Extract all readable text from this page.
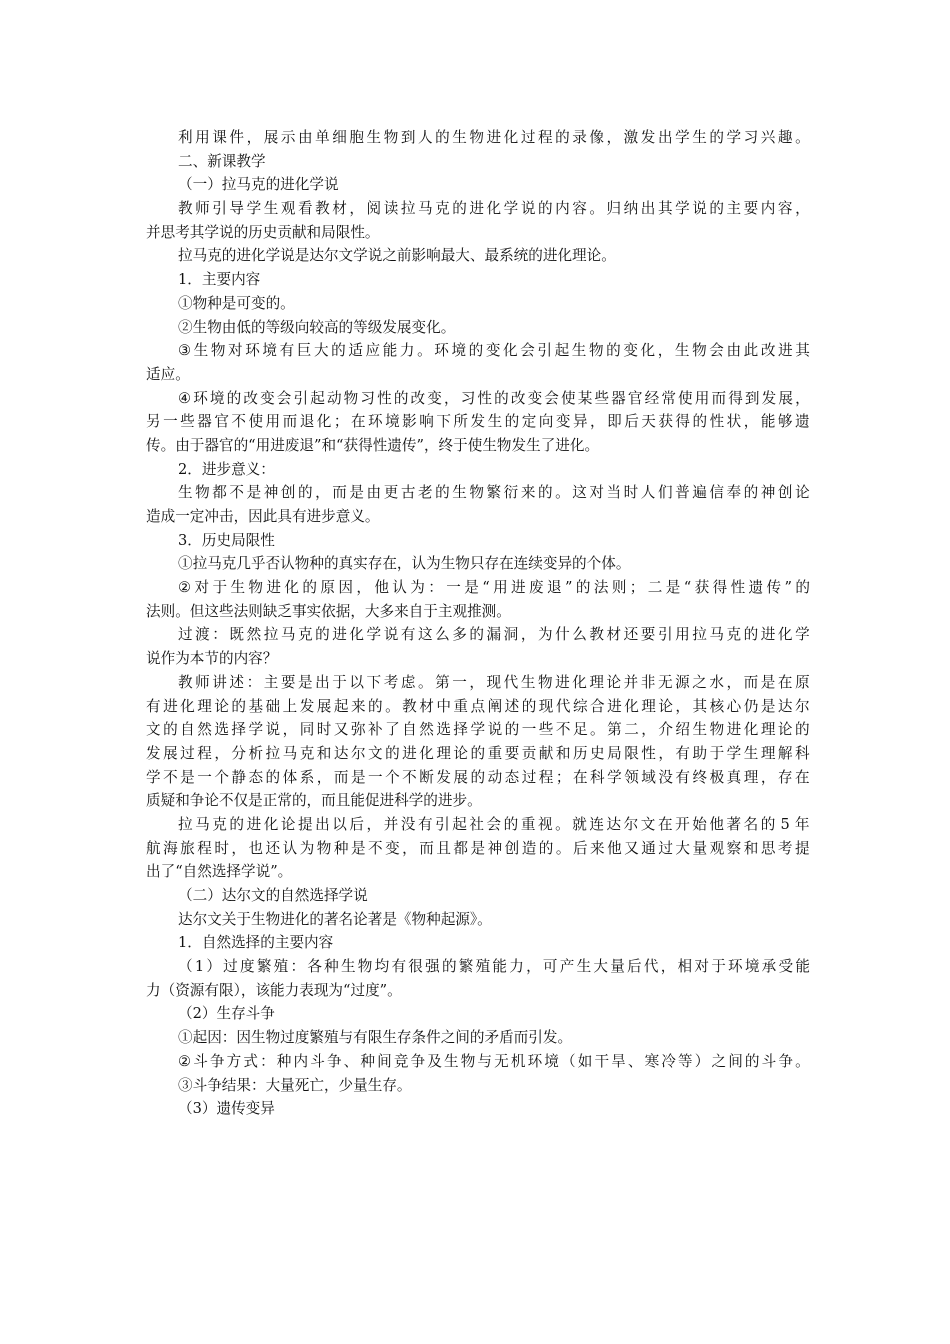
利 用 课 件 ， 展 示 由 单 细 胞 生 物 到 人 的 生 物 进 化 过 程 的 录 像 ， 激 发 出 学 生 的 学 习 兴 趣 。
二、新课教学
（一）拉马克的进化学说
教 师 引 导 学 生 观 看 教 材 ， 阅 读 拉 马 克 的 进 化 学 说 的 内 容 。 归 纳 出 其 学 说 的 主 要 内 容 ，
并思考其学说的历史贡献和局限性。
拉马克的进化学说是达尔文学说之前影响最大、最系统的进化理论。
1．主要内容
①物种是可变的。
②生物由低的等级向较高的等级发展变化。
③ 生 物 对 环 境 有 巨 大 的 适 应 能 力 。 环 境 的 变 化 会 引 起 生 物 的 变 化 ， 生 物 会 由 此 改 进 其
适应。
④ 环 境 的 改 变 会 引 起 动 物 习 性 的 改 变 ， 习 性 的 改 变 会 使 某 些 器 官 经 常 使 用 而 得 到 发 展 ，
另 一 些 器 官 不 使 用 而 退 化 ； 在 环 境 影 响 下 所 发 生 的 定 向 变 异 ， 即 后 天 获 得 的 性 状 ， 能 够 遗
传。由于器官的“用进废退”和“获得性遗传”，终于使生物发生了进化。
2．进步意义：
生 物 都 不 是 神 创 的 ， 而 是 由 更 古 老 的 生 物 繁 衍 来 的 。 这 对 当 时 人 们 普 遍 信 奉 的 神 创 论
造成一定冲击，因此具有进步意义。
3．历史局限性
①拉马克几乎否认物种的真实存在，认为生物只存在连续变异的个体。
② 对 于 生 物 进 化 的 原 因 ， 他 认 为 ： 一 是 “ 用 进 废 退 ” 的 法 则 ； 二 是 “ 获 得 性 遗 传 ” 的
法则。但这些法则缺乏事实依据，大多来自于主观推测。
过 渡 ： 既 然 拉 马 克 的 进 化 学 说 有 这 么 多 的 漏 洞 ， 为 什 么 教 材 还 要 引 用 拉 马 克 的 进 化 学
说作为本节的内容？
教 师 讲 述 ： 主 要 是 出 于 以 下 考 虑 。 第 一 ， 现 代 生 物 进 化 理 论 并 非 无 源 之 水 ， 而 是 在 原
有 进 化 理 论 的 基 础 上 发 展 起 来 的 。 教 材 中 重 点 阐 述 的 现 代 综 合 进 化 理 论 ， 其 核 心 仍 是 达 尔
文 的 自 然 选 择 学 说 ， 同 时 又 弥 补 了 自 然 选 择 学 说 的 一 些 不 足 。 第 二 ， 介 绍 生 物 进 化 理 论 的
发 展 过 程 ， 分 析 拉 马 克 和 达 尔 文 的 进 化 理 论 的 重 要 贡 献 和 历 史 局 限 性 ， 有 助 于 学 生 理 解 科
学 不 是 一 个 静 态 的 体 系 ， 而 是 一 个 不 断 发 展 的 动 态 过 程 ； 在 科 学 领 域 没 有 终 极 真 理 ， 存 在
质疑和争论不仅是正常的，而且能促进科学的进步。
拉 马 克 的 进 化 论 提 出 以 后 ， 并 没 有 引 起 社 会 的 重 视 。 就 连 达 尔 文 在 开 始 他 著 名 的 5 年
航 海 旅 程 时 ， 也 还 认 为 物 种 是 不 变 ， 而 且 都 是 神 创 造 的 。 后 来 他 又 通 过 大 量 观 察 和 思 考 提
出了“自然选择学说”。
（二）达尔文的自然选择学说
达尔文关于生物进化的著名论著是《物种起源》。
1．自然选择的主要内容
（ 1 ） 过 度 繁 殖 ： 各 种 生 物 均 有 很 强 的 繁 殖 能 力 ， 可 产 生 大 量 后 代 ， 相 对 于 环 境 承 受 能
力（资源有限），该能力表现为“过度”。
（2）生存斗争
①起因：因生物过度繁殖与有限生存条件之间的矛盾而引发。
② 斗 争 方 式 ： 种 内 斗 争 、 种 间 竞 争 及 生 物 与 无 机 环 境 （ 如 干 旱 、 寒 冷 等 ） 之 间 的 斗 争 。
③斗争结果：大量死亡，少量生存。
（3）遗传变异
